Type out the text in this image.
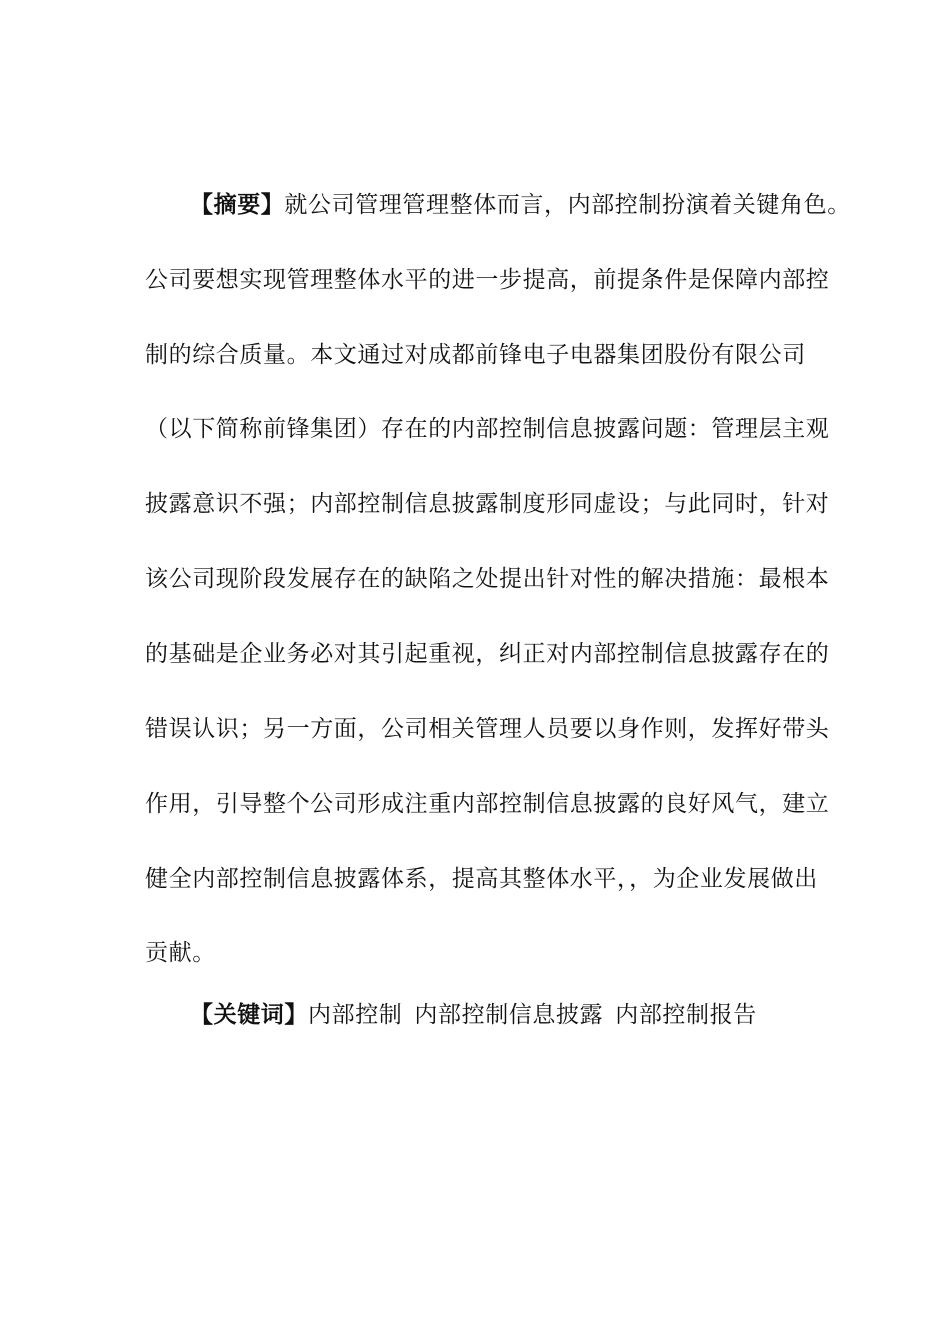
【摘要】就公司管理管理整体而言，内部控制扮演着关键角色。
公司要想实现管理整体水平的进一步提高，前提条件是保障内部控
制的综合质量。本文通过对成都前锋电子电器集团股份有限公司
（以下简称前锋集团）存在的内部控制信息披露问题：管理层主观
披露意识不强；内部控制信息披露制度形同虚设；与此同时，针对
该公司现阶段发展存在的缺陷之处提出针对性的解决措施：最根本
的基础是企业务必对其引起重视，纠正对内部控制信息披露存在的
错误认识；另一方面，公司相关管理人员要以身作则，发挥好带头
作用，引导整个公司形成注重内部控制信息披露的良好风气，建立
健全内部控制信息披露体系，提高其整体水平，，为企业发展做出
贡献。
【关键词】内部控制 内部控制信息披露 内部控制报告
